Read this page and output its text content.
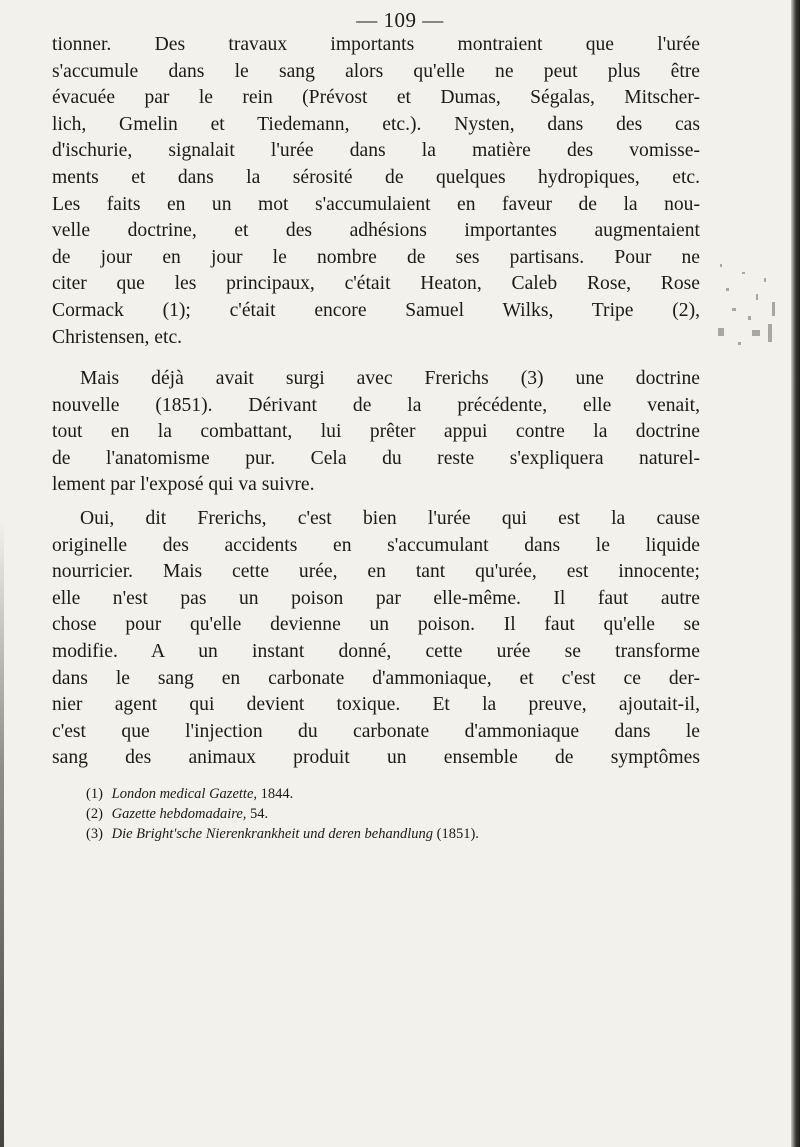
— 109 —
tionner. Des travaux importants montraient que l'urée
s'accumule dans le sang alors qu'elle ne peut plus être
évacuée par le rein (Prévost et Dumas, Ségalas, Mitscher-
lich, Gmelin et Tiedemann, etc.). Nysten, dans des cas
d'ischurie, signalait l'urée dans la matière des vomisse-
ments et dans la sérosité de quelques hydropiques, etc.
Les faits en un mot s'accumulaient en faveur de la nou-
velle doctrine, et des adhésions importantes augmentaient
de jour en jour le nombre de ses partisans. Pour ne
citer que les principaux, c'était Heaton, Caleb Rose, Rose
Cormack (1); c'était encore Samuel Wilks, Tripe (2),
Christensen, etc.
Mais déjà avait surgi avec Frerichs (3) une doctrine
nouvelle (1851). Dérivant de la précédente, elle venait,
tout en la combattant, lui prêter appui contre la doctrine
de l'anatomisme pur. Cela du reste s'expliquera naturel-
lement par l'exposé qui va suivre.
Oui, dit Frerichs, c'est bien l'urée qui est la cause
originelle des accidents en s'accumulant dans le liquide
nourricier. Mais cette urée, en tant qu'urée, est innocente;
elle n'est pas un poison par elle-même. Il faut autre
chose pour qu'elle devienne un poison. Il faut qu'elle se
modifie. A un instant donné, cette urée se transforme
dans le sang en carbonate d'ammoniaque, et c'est ce der-
nier agent qui devient toxique. Et la preuve, ajoutait-il,
c'est que l'injection du carbonate d'ammoniaque dans le
sang des animaux produit un ensemble de symptômes
(1) London medical Gazette, 1844.
(2) Gazette hebdomadaire, 54.
(3) Die Bright'sche Nierenkrankheit und deren behandlung (1851).
